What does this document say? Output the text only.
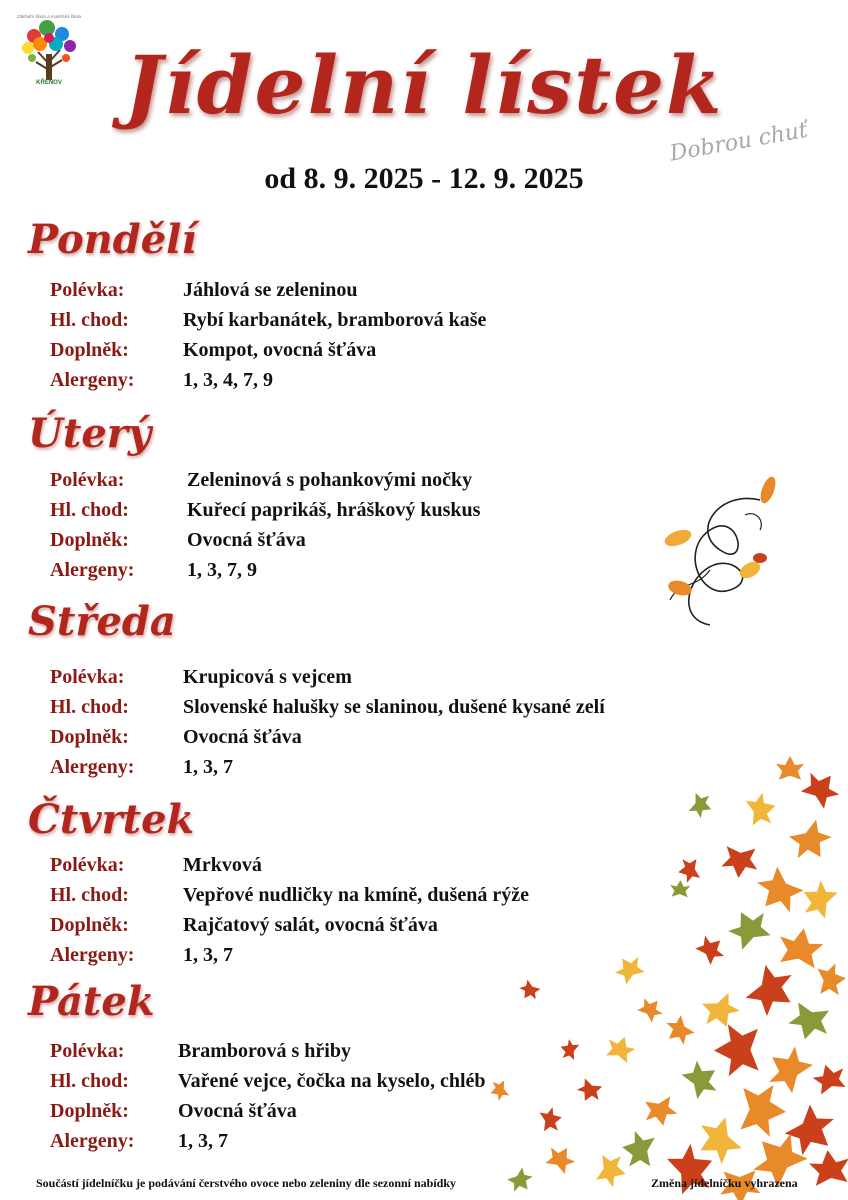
Základní škola a mateřská škola
KŘENOV Jídelní lístek
Dobrou chuť
od 8. 9. 2025 - 12. 9. 2025
Pondělí
Polévka:	Jáhlová se zeleninou
Hl. chod:	Rybí karbanátek, bramborová kaše
Doplněk:	Kompot, ovocná šťáva
Alergeny: 1, 3, 4, 7, 9
Úterý
Polévka:	Zeleninová s pohankovými nočky
Hl. chod:	Kuřecí paprikáš, hráškový kuskus
Doplněk:	Ovocná šťáva
Alergeny:	1, 3, 7, 9
Středa
Polévka:	Krupicová s vejcem
Hl. chod:	Slovenské halušky se slaninou, dušené kysané zelí
Doplněk:	Ovocná šťáva
Alergeny: 1, 3, 7
Čtvrtek
Polévka:	Mrkvová
Hl. chod:	Vepřové nudličky na kmíně, dušená rýže
Doplněk:	Rajčatový salát, ovocná šťáva
Alergeny: 1, 3, 7
Pátek
Polévka:	Bramborová s hřiby
Hl. chod: Vařené vejce, čočka na kyselo, chléb
Doplněk: Ovocná šťáva
Alergeny: 1, 3, 7
Součástí jídelníčku je podávání čerstvého ovoce nebo zeleniny dle sezonní nabídky	Změna jídelníčku vyhrazena
